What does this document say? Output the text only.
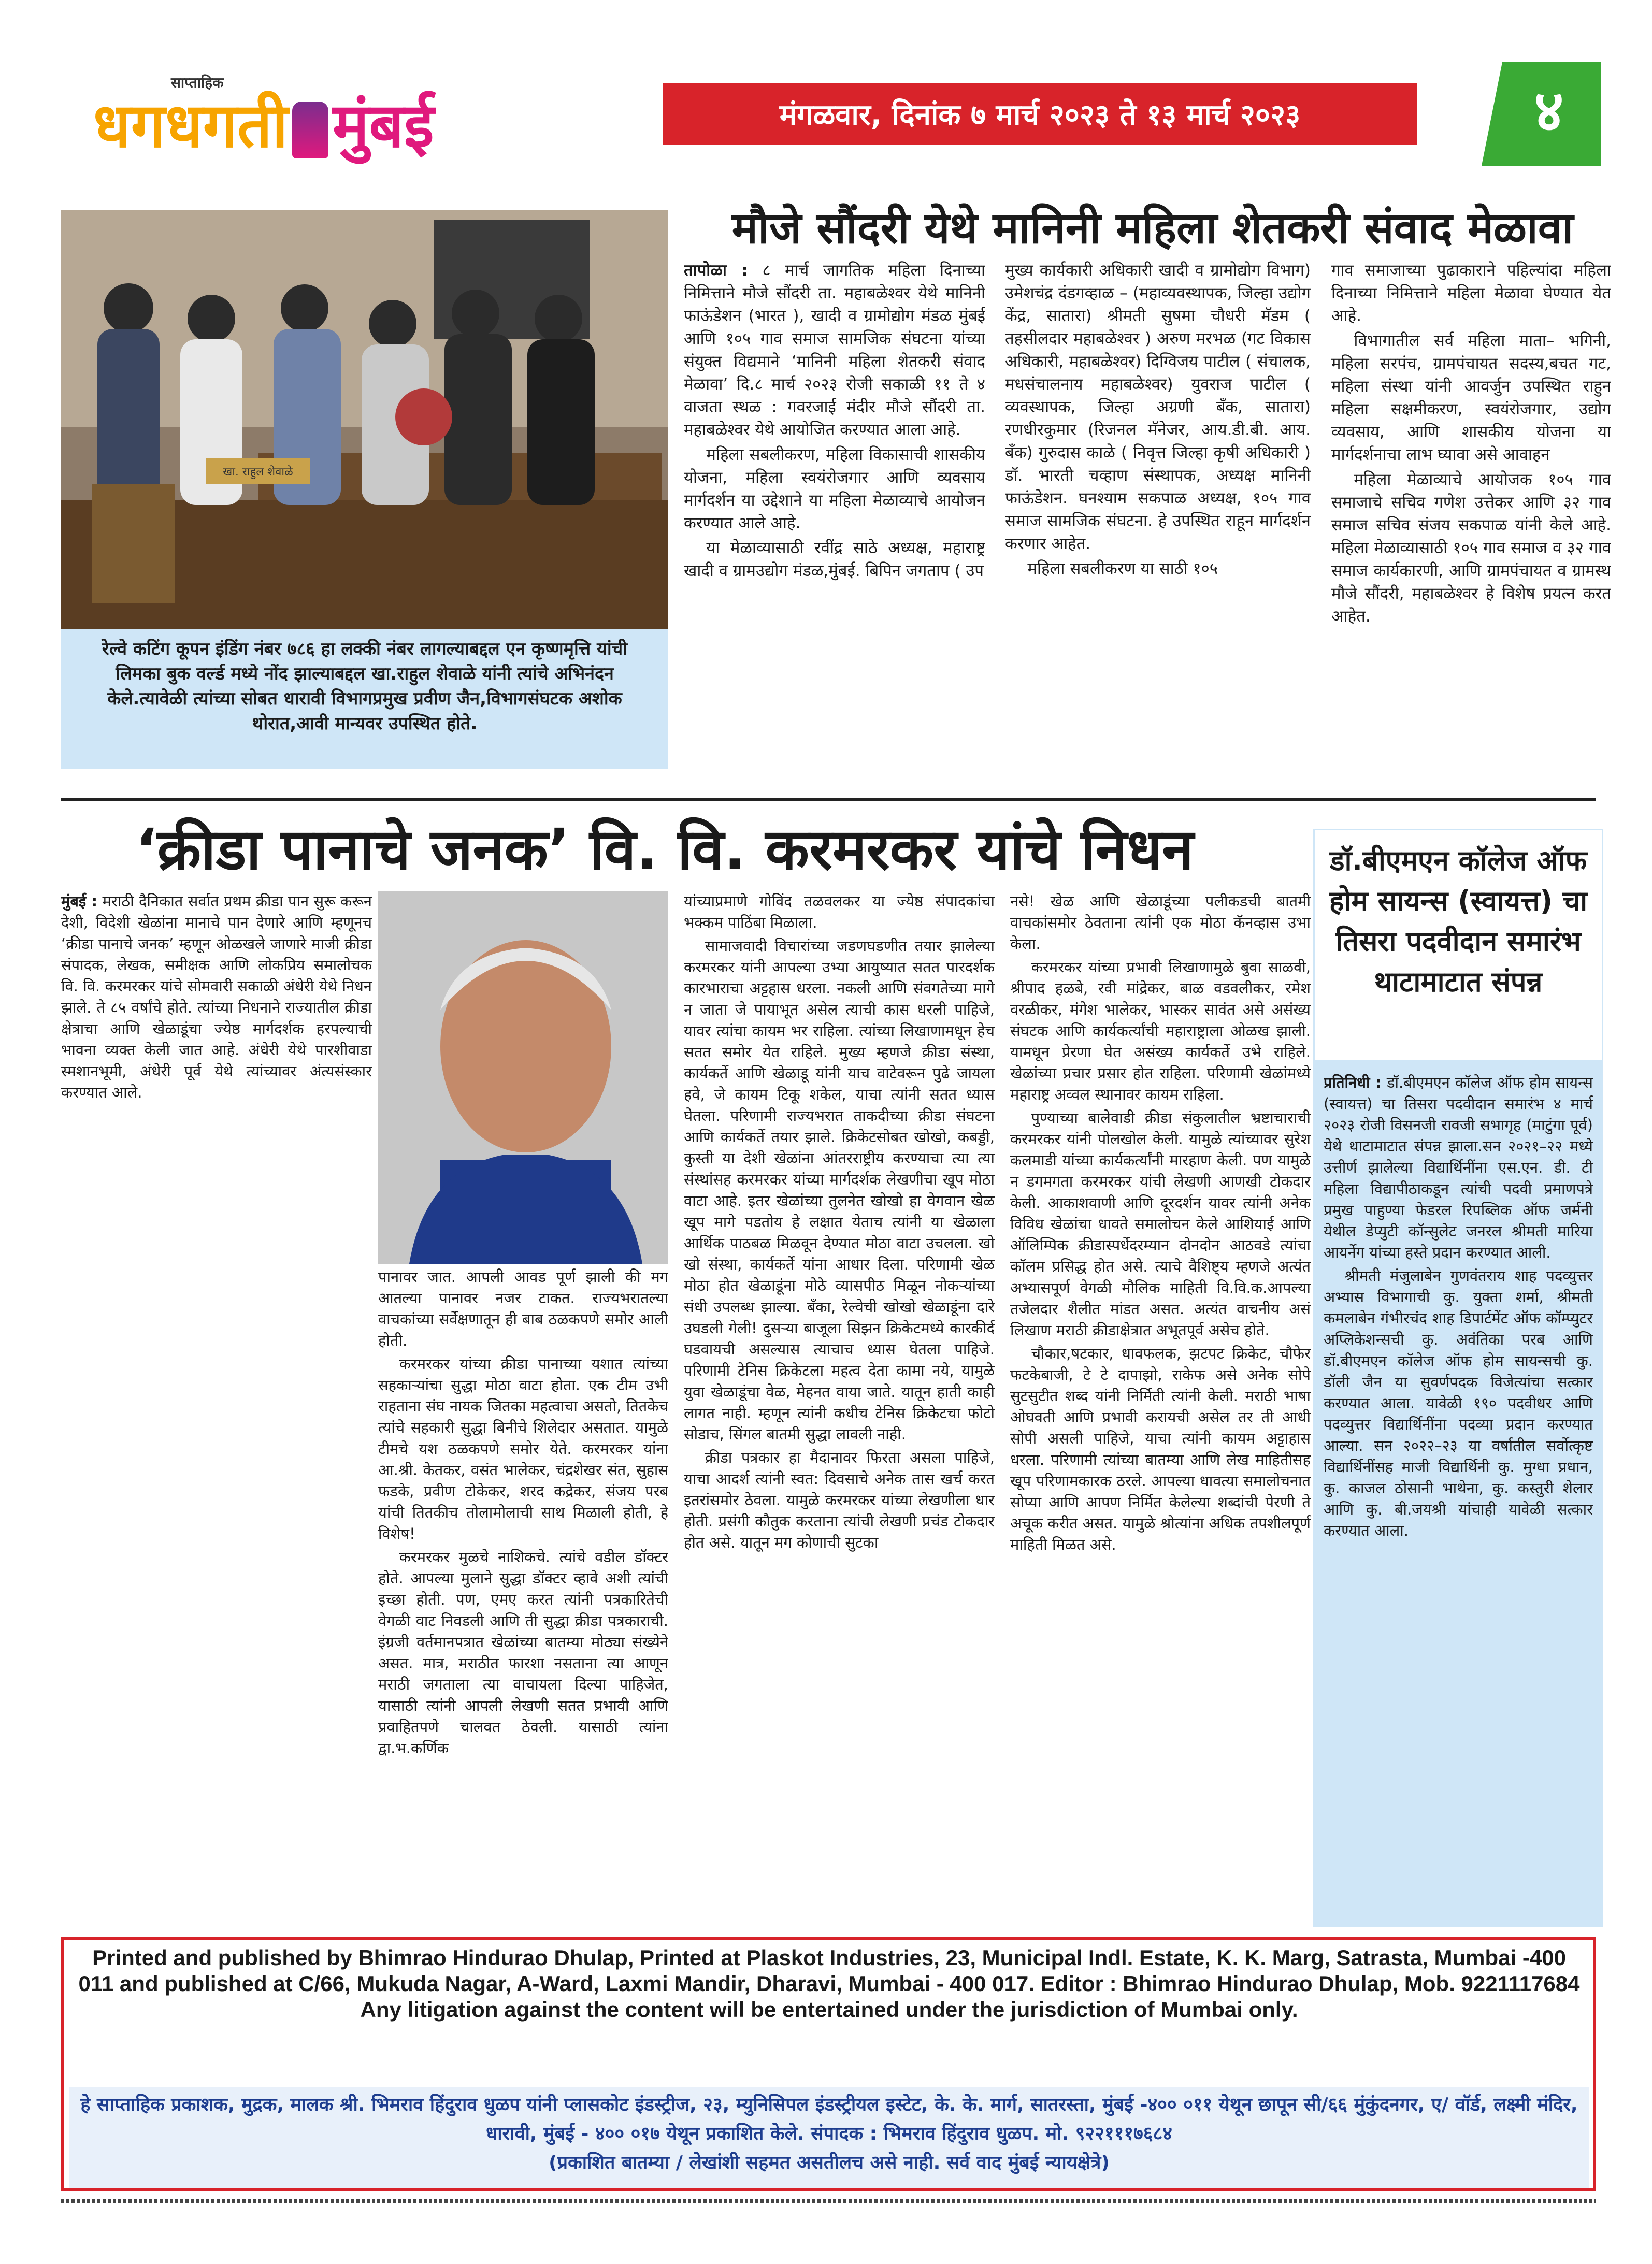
साप्ताहिक
धगधगती मुंबई	मंगळवार, दिनांक ७ मार्च २०२३ ते १३ मार्च २०२३	४
खा. राहुल शेवाळे
रेल्वे कटिंग कूपन इंडिंग नंबर ७८६ हा लक्की नंबर लागल्याबद्दल एन कृष्णमृत्ति यांची लिमका बुक वर्ल्ड मध्ये नोंद झाल्याबद्दल खा.राहुल शेवाळे यांनी त्यांचे अभिनंदन केले.त्यावेळी त्यांच्या सोबत धारावी विभागप्रमुख प्रवीण जैन,विभागसंघटक अशोक थोरात,आवी मान्यवर उपस्थित होते.
मौजे सौंदरी येथे मानिनी महिला शेतकरी संवाद मेळावा

तापोळा : ८ मार्च जागतिक महिला दिनाच्या निमित्ताने मौजे सौंदरी ता. महाबळेश्वर येथे मानिनी फाऊंडेशन (भारत ), खादी व ग्रामोद्योग मंडळ मुंबई आणि १०५ गाव समाज सामजिक संघटना यांच्या संयुक्त विद्यमाने ‘मानिनी महिला शेतकरी संवाद मेळावा’ दि.८ मार्च २०२३ रोजी सकाळी ११ ते ४ वाजता स्थळ : गवरजाई मंदीर मौजे सौंदरी ता. महाबळेश्वर येथे आयोजित करण्यात आला आहे.

महिला सबलीकरण, महिला विकासाची शासकीय योजना, महिला स्वयंरोजगार आणि व्यवसाय मार्गदर्शन या उद्देशाने या महिला मेळाव्याचे आयोजन करण्यात आले आहे.

या मेळाव्यासाठी रवींद्र साठे अध्यक्ष, महाराष्ट्र खादी व ग्रामउद्योग मंडळ,मुंबई. बिपिन जगताप ( उप

मुख्य कार्यकारी अधिकारी खादी व ग्रामोद्योग विभाग) उमेशचंद्र दंडगव्हाळ – (महाव्यवस्थापक, जिल्हा उद्योग केंद्र, सातारा) श्रीमती सुषमा चौधरी मॅडम ( तहसीलदार महाबळेश्वर ) अरुण मरभळ (गट विकास अधिकारी, महाबळेश्वर) दिग्विजय पाटील ( संचालक, मधसंचालनाय महाबळेश्वर) युवराज पाटील ( व्यवस्थापक, जिल्हा अग्रणी बँक, सातारा) रणधीरकुमार (रिजनल मॅनेजर, आय.डी.बी. आय. बँक) गुरुदास काळे ( निवृत्त जिल्हा कृषी अधिकारी ) डॉ. भारती चव्हाण संस्थापक, अध्यक्ष मानिनी फाऊंडेशन. घनश्याम सकपाळ अध्यक्ष, १०५ गाव समाज सामजिक संघटना. हे उपस्थित राहून मार्गदर्शन करणार आहेत.

महिला सबलीकरण या साठी १०५

गाव समाजाच्या पुढाकाराने पहिल्यांदा महिला दिनाच्या निमित्ताने महिला मेळावा घेण्यात येत आहे.

विभागातील सर्व महिला माता– भगिनी, महिला सरपंच, ग्रामपंचायत सदस्य,बचत गट, महिला संस्था यांनी आवर्जुन उपस्थित राहुन महिला सक्षमीकरण, स्वयंरोजगार, उद्योग व्यवसाय, आणि शासकीय योजना या मार्गदर्शनाचा लाभ घ्यावा असे आवाहन

महिला मेळाव्याचे आयोजक १०५ गाव समाजाचे सचिव गणेश उत्तेकर आणि ३२ गाव समाज सचिव संजय सकपाळ यांनी केले आहे. महिला मेळाव्यासाठी १०५ गाव समाज व ३२ गाव समाज कार्यकारणी, आणि ग्रामपंचायत व ग्रामस्थ मौजे सौंदरी, महाबळेश्वर हे विशेष प्रयत्न करत आहेत.

‘क्रीडा पानाचे जनक’ वि. वि. करमरकर यांचे निधन

मुंबई : मराठी दैनिकात सर्वात प्रथम क्रीडा पान सुरू करून देशी, विदेशी खेळांना मानाचे पान देणारे आणि म्हणूनच ‘क्रीडा पानाचे जनक’ म्हणून ओळखले जाणारे माजी क्रीडा संपादक, लेखक, समीक्षक आणि लोकप्रिय समालोचक वि. वि. करमरकर यांचे सोमवारी सकाळी अंधेरी येथे निधन झाले. ते ८५ वर्षांचे होते. त्यांच्या निधनाने राज्यातील क्रीडा क्षेत्राचा आणि खेळाडूंचा ज्येष्ठ मार्गदर्शक हरपल्याची भावना व्यक्त केली जात आहे. अंधेरी येथे पारशीवाडा स्मशानभूमी, अंधेरी पूर्व येथे त्यांच्यावर अंत्यसंस्कार करण्यात आले.

पानावर जात. आपली आवड पूर्ण झाली की मग आतल्या पानावर नजर टाकत. राज्यभरातल्या वाचकांच्या सर्वेक्षणातून ही बाब ठळकपणे समोर आली होती.

करमरकर यांच्या क्रीडा पानाच्या यशात त्यांच्या सहकाऱ्यांचा सुद्धा मोठा वाटा होता. एक टीम उभी राहताना संघ नायक जितका महत्वाचा असतो, तितकेच त्यांचे सहकारी सुद्धा बिनीचे शिलेदार असतात. यामुळे टीमचे यश ठळकपणे समोर येते. करमरकर यांना आ.श्री. केतकर, वसंत भालेकर, चंद्रशेखर संत, सुहास फडके, प्रवीण टोकेकर, शरद कद्रेकर, संजय परब यांची तितकीच तोलामोलाची साथ मिळाली होती, हे विशेष!

करमरकर मुळचे नाशिकचे. त्यांचे वडील डॉक्टर होते. आपल्या मुलाने सुद्धा डॉक्टर व्हावे अशी त्यांची इच्छा होती. पण, एमए करत त्यांनी पत्रकारितेची वेगळी वाट निवडली आणि ती सुद्धा क्रीडा पत्रकाराची. इंग्रजी वर्तमानपत्रात खेळांच्या बातम्या मोठ्या संख्येने असत. मात्र, मराठीत फारशा नसताना त्या आणून मराठी जगताला त्या वाचायला दिल्या पाहिजेत, यासाठी त्यांनी आपली लेखणी सतत प्रभावी आणि प्रवाहितपणे चालवत ठेवली. यासाठी त्यांना द्वा.भ.कर्णिक

यांच्याप्रमाणे गोविंद तळवलकर या ज्येष्ठ संपादकांचा भक्कम पाठिंबा मिळाला.

सामाजवादी विचारांच्या जडणघडणीत तयार झालेल्या करमरकर यांनी आपल्या उभ्या आयुष्यात सतत पारदर्शक कारभाराचा अट्टहास धरला. नकली आणि संवगतेच्या मागे न जाता जे पायाभूत असेल त्याची कास धरली पाहिजे, यावर त्यांचा कायम भर राहिला. त्यांच्या लिखाणामधून हेच सतत समोर येत राहिले. मुख्य म्हणजे क्रीडा संस्था, कार्यकर्ते आणि खेळाडू यांनी याच वाटेवरून पुढे जायला हवे, जे कायम टिकू शकेल, याचा त्यांनी सतत ध्यास घेतला. परिणामी राज्यभरात ताकदीच्या क्रीडा संघटना आणि कार्यकर्ते तयार झाले. क्रिकेटसोबत खोखो, कबड्डी, कुस्ती या देशी खेळांना आंतरराष्ट्रीय करण्याचा त्या त्या संस्थांसह करमरकर यांच्या मार्गदर्शक लेखणीचा खूप मोठा वाटा आहे. इतर खेळांच्या तुलनेत खोखो हा वेगवान खेळ खूप मागे पडतोय हे लक्षात येताच त्यांनी या खेळाला आर्थिक पाठबळ मिळवून देण्यात मोठा वाटा उचलला. खो खो संस्था, कार्यकर्ते यांना आधार दिला. परिणामी खेळ मोठा होत खेळाडूंना मोठे व्यासपीठ मिळून नोकऱ्यांच्या संधी उपलब्ध झाल्या. बँका, रेल्वेची खोखो खेळाडूंना दारे उघडली गेली! दुसऱ्या बाजूला सिझन क्रिकेटमध्ये कारकीर्द घडवायची असल्यास त्याचाच ध्यास घेतला पाहिजे. परिणामी टेनिस क्रिकेटला महत्व देता कामा नये, यामुळे युवा खेळाडूंचा वेळ, मेहनत वाया जाते. यातून हाती काही लागत नाही. म्हणून त्यांनी कधीच टेनिस क्रिकेटचा फोटो सोडाच, सिंगल बातमी सुद्धा लावली नाही.

क्रीडा पत्रकार हा मैदानावर फिरता असला पाहिजे, याचा आदर्श त्यांनी स्वत: दिवसाचे अनेक तास खर्च करत इतरांसमोर ठेवला. यामुळे करमरकर यांच्या लेखणीला धार होती. प्रसंगी कौतुक करताना त्यांची लेखणी प्रचंड टोकदार होत असे. यातून मग कोणाची सुटका

नसे! खेळ आणि खेळाडूंच्या पलीकडची बातमी वाचकांसमोर ठेवताना त्यांनी एक मोठा कॅनव्हास उभा केला.

करमरकर यांच्या प्रभावी लिखाणामुळे बुवा साळवी, श्रीपाद हळबे, रवी मांद्रेकर, बाळ वडवलीकर, रमेश वरळीकर, मंगेश भालेकर, भास्कर सावंत असे असंख्य संघटक आणि कार्यकर्त्यांची महाराष्ट्राला ओळख झाली. यामधून प्रेरणा घेत असंख्य कार्यकर्ते उभे राहिले. खेळांच्या प्रचार प्रसार होत राहिला. परिणामी खेळांमध्ये महाराष्ट्र अव्वल स्थानावर कायम राहिला.

पुण्याच्या बालेवाडी क्रीडा संकुलातील भ्रष्टाचाराची करमरकर यांनी पोलखोल केली. यामुळे त्यांच्यावर सुरेश कलमाडी यांच्या कार्यकर्त्यांनी मारहाण केली. पण यामुळे न डगमगता करमरकर यांची लेखणी आणखी टोकदार केली. आकाशवाणी आणि दूरदर्शन यावर त्यांनी अनेक विविध खेळांचा धावते समालोचन केले आशियाई आणि ऑलिम्पिक क्रीडास्पर्धेदरम्यान दोनदोन आठवडे त्यांचा कॉलम प्रसिद्ध होत असे. त्याचे वैशिष्ट्य म्हणजे अत्यंत अभ्यासपूर्ण वेगळी मौलिक माहिती वि.वि.क.आपल्या तजेलदार शैलीत मांडत असत. अत्यंत वाचनीय असं लिखाण मराठी क्रीडाक्षेत्रात अभूतपूर्व असेच होते.

चौकार,षटकार, धावफलक, झटपट क्रिकेट, चौफेर फटकेबाजी, टे टे दापाझो, राकेफ असे अनेक सोपे सुटसुटीत शब्द यांनी निर्मिती त्यांनी केली. मराठी भाषा ओघवती आणि प्रभावी करायची असेल तर ती आधी सोपी असली पाहिजे, याचा त्यांनी कायम अट्टाहास धरला. परिणामी त्यांच्या बातम्या आणि लेख माहितीसह खूप परिणामकारक ठरले. आपल्या धावत्या समालोचनात सोप्या आणि आपण निर्मित केलेल्या शब्दांची पेरणी ते अचूक करीत असत. यामुळे श्रोत्यांना अधिक तपशीलपूर्ण माहिती मिळत असे.

डॉ.बीएमएन कॉलेज ऑफ होम सायन्स (स्वायत्त) चा तिसरा पदवीदान समारंभ थाटामाटात संपन्न

प्रतिनिधी : डॉ.बीएमएन कॉलेज ऑफ होम सायन्स (स्वायत्त) चा तिसरा पदवीदान समारंभ ४ मार्च २०२३ रोजी विसनजी रावजी सभागृह (माटुंगा पूर्व) येथे थाटामाटात संपन्न झाला.सन २०२१–२२ मध्ये उत्तीर्ण झालेल्या विद्यार्थिनींना एस.एन. डी. टी महिला विद्यापीठाकडून त्यांची पदवी प्रमाणपत्रे प्रमुख पाहुण्या फेडरल रिपब्लिक ऑफ जर्मनी येथील डेप्युटी कॉन्सुलेट जनरल श्रीमती मारिया आयर्नेग यांच्या हस्ते प्रदान करण्यात आली.

श्रीमती मंजुलाबेन गुणवंतराय शाह पदव्युत्तर अभ्यास विभागाची कु. युक्ता शर्मा, श्रीमती कमलाबेन गंभीरचंद शाह डिपार्टमेंट ऑफ कॉम्प्युटर अप्लिकेशन्सची कु. अवंतिका परब आणि डॉ.बीएमएन कॉलेज ऑफ होम सायन्सची कु. डॉली जैन या सुवर्णपदक विजेत्यांचा सत्कार करण्यात आला. यावेळी १९० पदवीधर आणि पदव्युत्तर विद्यार्थिनींना पदव्या प्रदान करण्यात आल्या. सन २०२२–२३ या वर्षातील सर्वोत्कृष्ट विद्यार्थिनींसह माजी विद्यार्थिनी कु. मुग्धा प्रधान, कु. काजल ठोसानी भाथेना, कु. कस्तुरी शेलार आणि कु. बी.जयश्री यांचाही यावेळी सत्कार करण्यात आला.

Printed and published by Bhimrao Hindurao Dhulap, Printed at Plaskot Industries, 23, Municipal Indl. Estate, K. K. Marg, Satrasta, Mumbai -400 011 and published at C/66, Mukuda Nagar, A-Ward, Laxmi Mandir, Dharavi, Mumbai - 400 017. Editor : Bhimrao Hindurao Dhulap, Mob. 9221117684
Any litigation against the content will be entertained under the jurisdiction of Mumbai only.
हे साप्ताहिक प्रकाशक, मुद्रक, मालक श्री. भिमराव हिंदुराव धुळप यांनी प्लासकोट इंडस्ट्रीज, २३, म्युनिसिपल इंडस्ट्रीयल इस्टेट, के. के. मार्ग, सातरस्ता, मुंबई -४०० ०११ येथून छापून सी/६६ मुंकुंदनगर, ए/ वॉर्ड, लक्ष्मी मंदिर, धारावी, मुंबई - ४०० ०१७ येथून प्रकाशित केले. संपादक : भिमराव हिंदुराव धुळप. मो. ९२२१११७६८४
(प्रकाशित बातम्या / लेखांशी सहमत असतीलच असे नाही. सर्व वाद मुंबई न्यायक्षेत्रे)
